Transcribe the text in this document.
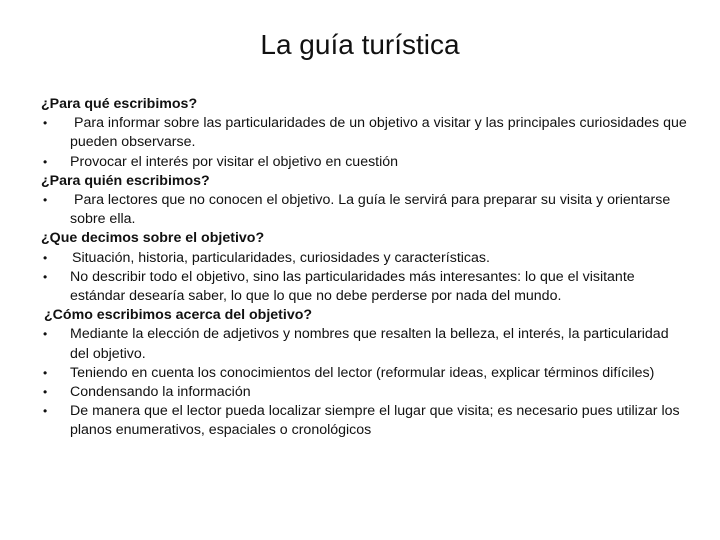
La guía turística

¿Para qué escribimos?

• Para informar sobre las particularidades de un objetivo a visitar y las principales curiosidades que pueden observarse.
• Provocar el interés por visitar el objetivo en cuestión

¿Para quién escribimos?

• Para lectores que no conocen el objetivo. La guía le servirá para preparar su visita y orientarse sobre ella.

¿Que decimos sobre el objetivo?

• Situación, historia, particularidades, curiosidades y características.
• No describir todo el objetivo, sino las particularidades más interesantes: lo que el visitante estándar desearía saber, lo que lo que no debe perderse por nada del mundo.

¿Cómo escribimos acerca del objetivo?

• Mediante la elección de adjetivos y nombres que resalten la belleza, el interés, la particularidad del objetivo.
• Teniendo en cuenta los conocimientos del lector (reformular ideas, explicar términos difíciles)
• Condensando la información
• De manera que el lector pueda localizar siempre el lugar que visita; es necesario pues utilizar los planos enumerativos, espaciales o cronológicos
